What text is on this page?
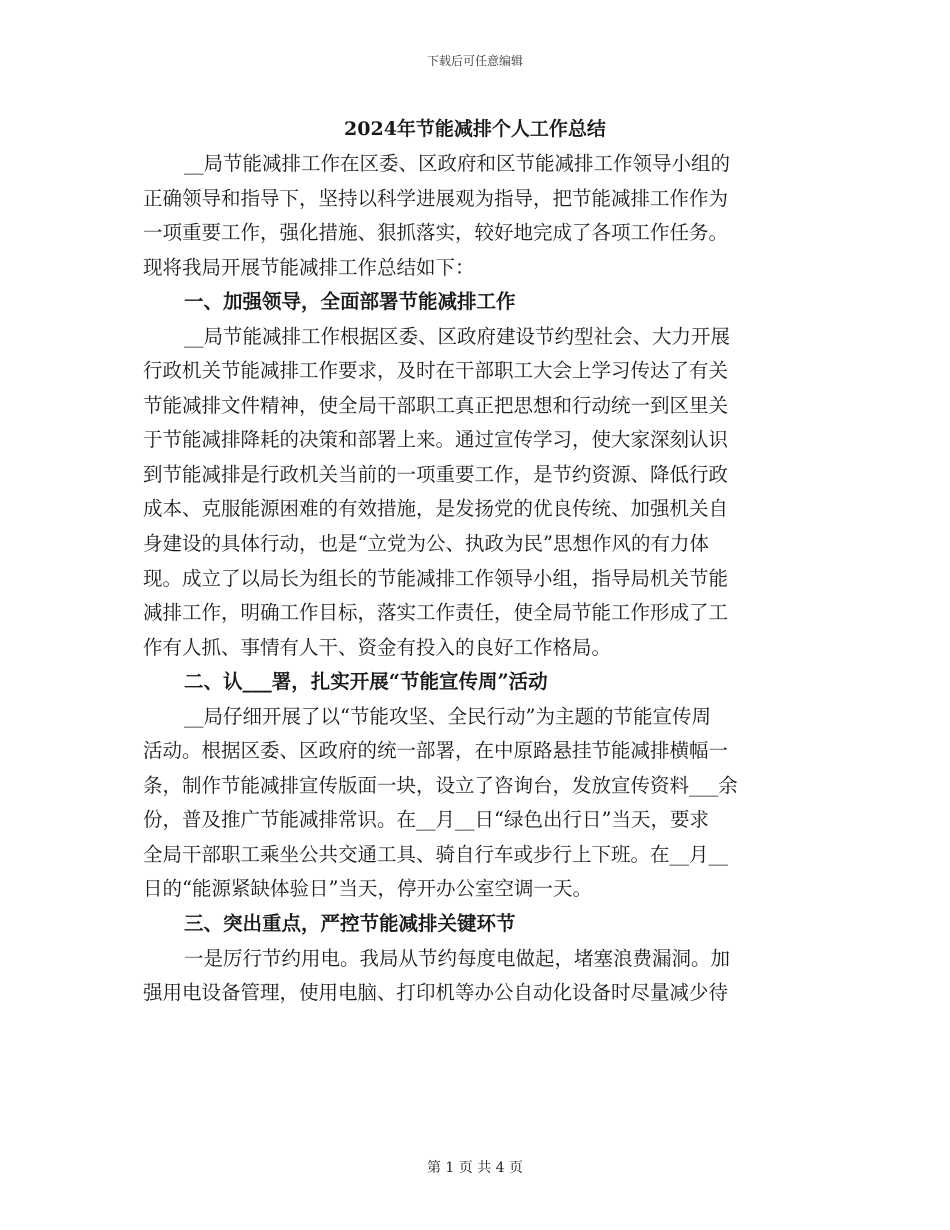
下载后可任意编辑
2024年节能减排个人工作总结
__局节能减排工作在区委、区政府和区节能减排工作领导小组的
正确领导和指导下，坚持以科学进展观为指导，把节能减排工作作为
一项重要工作，强化措施、狠抓落实，较好地完成了各项工作任务。
现将我局开展节能减排工作总结如下：
一、加强领导，全面部署节能减排工作
__局节能减排工作根据区委、区政府建设节约型社会、大力开展
行政机关节能减排工作要求，及时在干部职工大会上学习传达了有关
节能减排文件精神，使全局干部职工真正把思想和行动统一到区里关
于节能减排降耗的决策和部署上来。通过宣传学习，使大家深刻认识
到节能减排是行政机关当前的一项重要工作，是节约资源、降低行政
成本、克服能源困难的有效措施，是发扬党的优良传统、加强机关自
身建设的具体行动，也是“立党为公、执政为民”思想作风的有力体
现。成立了以局长为组长的节能减排工作领导小组，指导局机关节能
减排工作，明确工作目标，落实工作责任，使全局节能工作形成了工
作有人抓、事情有人干、资金有投入的良好工作格局。
二、认___署，扎实开展“节能宣传周”活动
__局仔细开展了以“节能攻坚、全民行动”为主题的节能宣传周
活动。根据区委、区政府的统一部署，在中原路悬挂节能减排横幅一
条，制作节能减排宣传版面一块，设立了咨询台，发放宣传资料___余
份，普及推广节能减排常识。在__月__日“绿色出行日”当天，要求
全局干部职工乘坐公共交通工具、骑自行车或步行上下班。在__月__
日的“能源紧缺体验日”当天，停开办公室空调一天。
三、突出重点，严控节能减排关键环节
一是厉行节约用电。我局从节约每度电做起，堵塞浪费漏洞。加
强用电设备管理，使用电脑、打印机等办公自动化设备时尽量减少待
第 1 页 共 4 页
